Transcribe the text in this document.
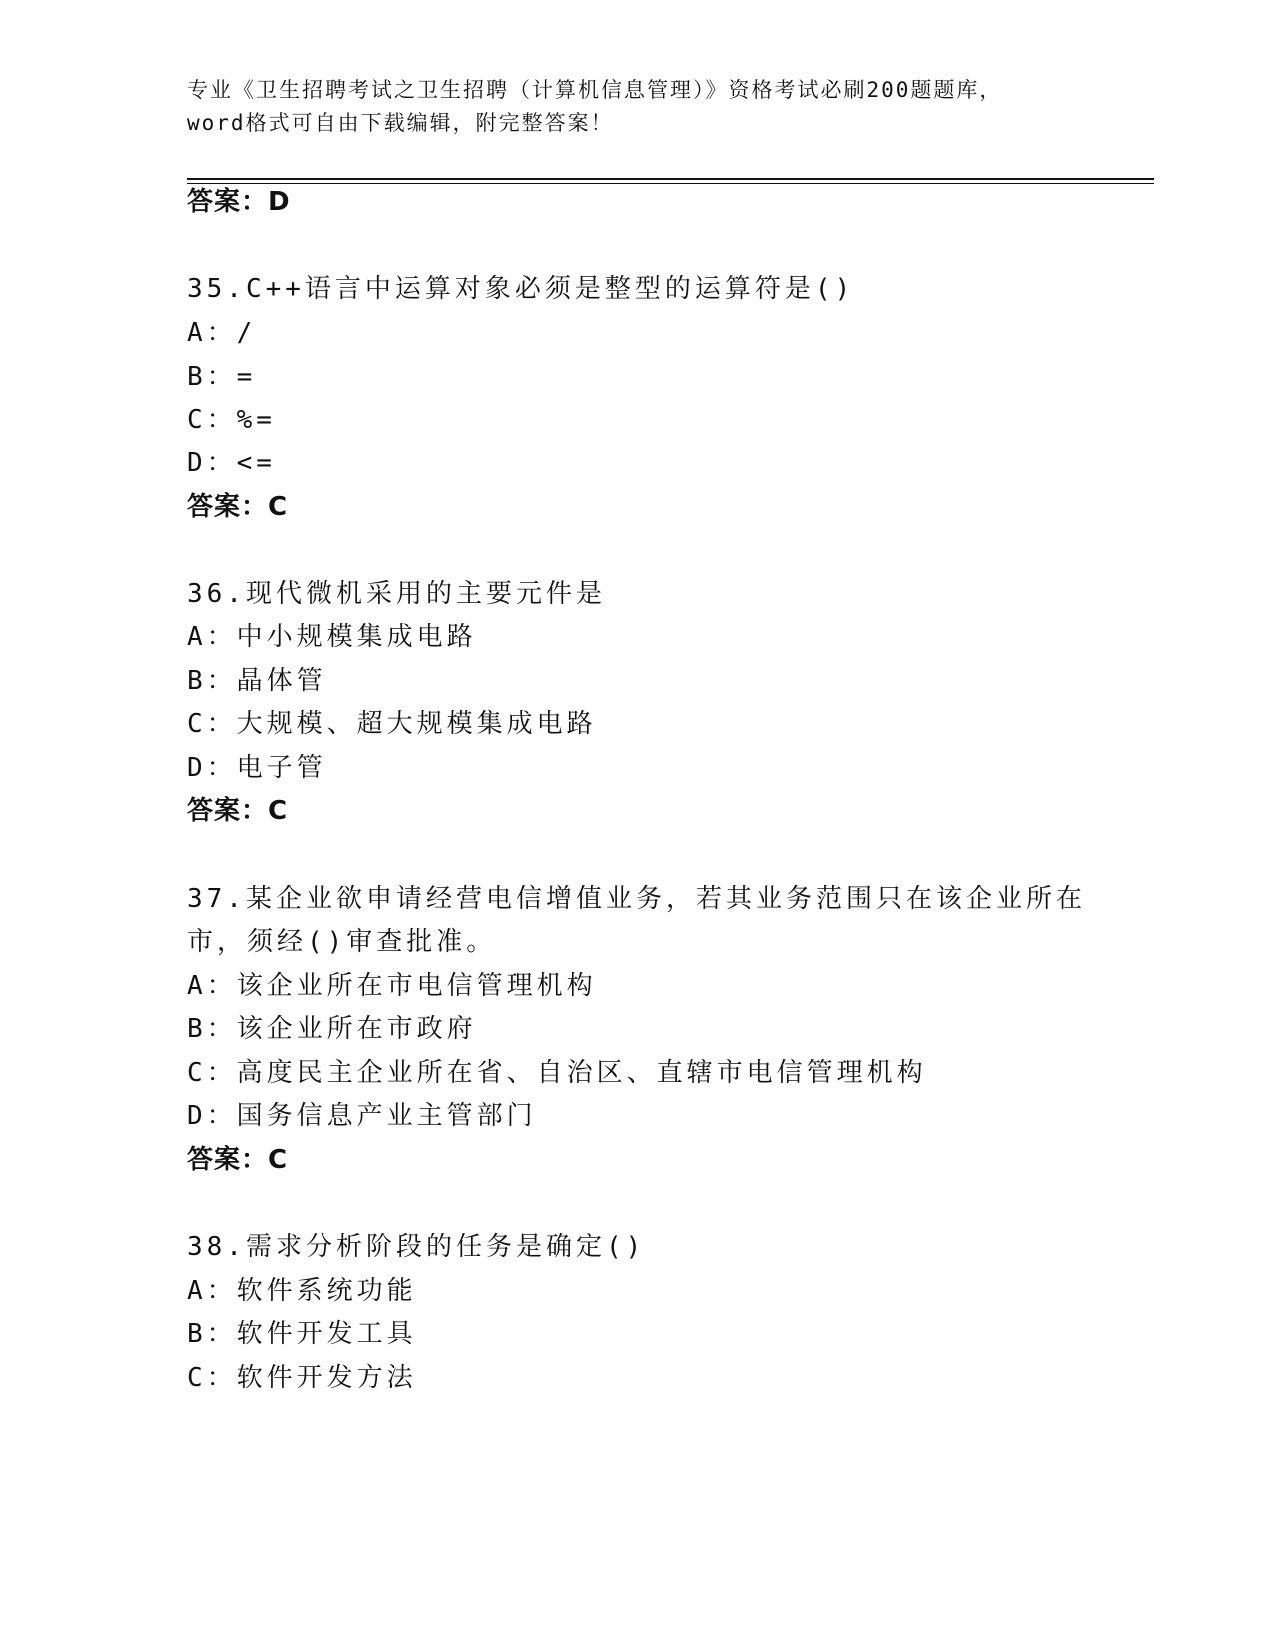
专业《卫生招聘考试之卫生招聘（计算机信息管理）》资格考试必刷200题题库，
word格式可自由下载编辑，附完整答案！
答案：D
35.C++语言中运算对象必须是整型的运算符是()
A：/
B：=
C：%=
D：<=
答案：C
36.现代微机采用的主要元件是
A：中小规模集成电路
B：晶体管
C：大规模、超大规模集成电路
D：电子管
答案：C
37.某企业欲申请经营电信增值业务，若其业务范围只在该企业所在
市，须经()审查批准。
A：该企业所在市电信管理机构
B：该企业所在市政府
C：高度民主企业所在省、自治区、直辖市电信管理机构
D：国务信息产业主管部门
答案：C
38.需求分析阶段的任务是确定()
A：软件系统功能
B：软件开发工具
C：软件开发方法
